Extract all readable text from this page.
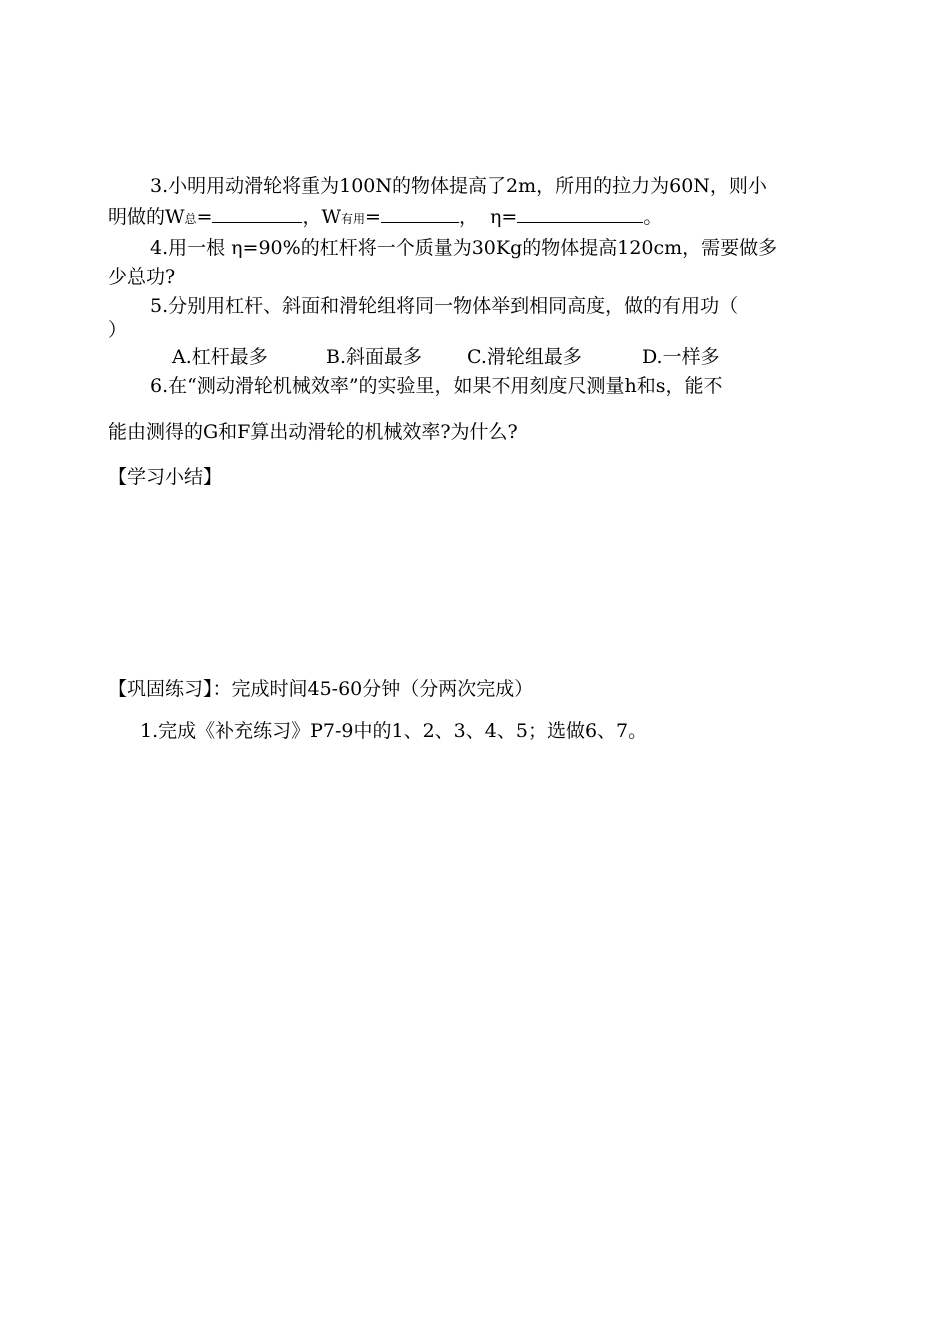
3.小明用动滑轮将重为100N的物体提高了2m，所用的拉力为60N，则小
明做的W总=	，W有用=	，  η=	。
4.用一根 η=90%的杠杆将一个质量为30Kg的物体提高120cm，需要做多
少总功?
5.分别用杠杆、斜面和滑轮组将同一物体举到相同高度，做的有用功（
）
A.杠杆最多	B.斜面最多 C.滑轮组最多	D.一样多
6.在“测动滑轮机械效率”的实验里，如果不用刻度尺测量h和s，能不
能由测得的G和F算出动滑轮的机械效率?为什么?
【学习小结】
【巩固练习】：完成时间45-60分钟（分两次完成）
1.完成《补充练习》P7-9中的1、2、3、4、5；选做6、7。
